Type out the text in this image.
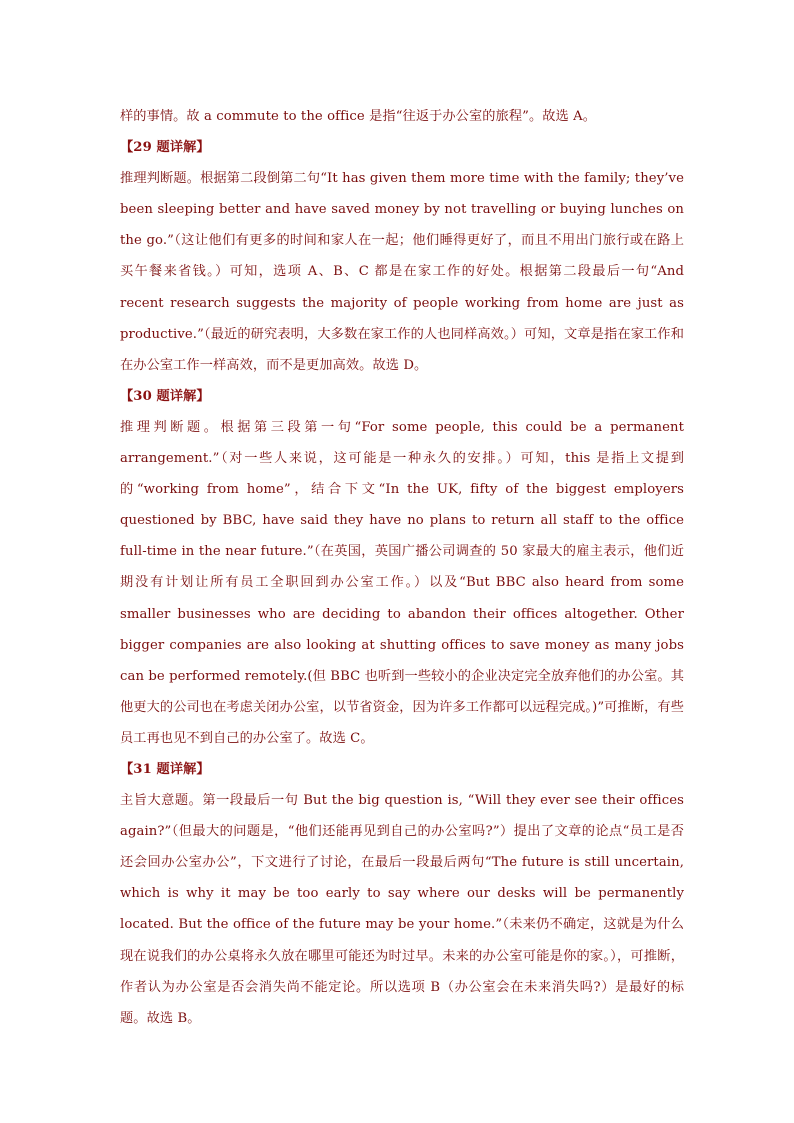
样的事情。故 a commute to the office 是指“往返于办公室的旅程”。故选 A。

【29 题详解】

推理判断题。根据第二段倒第二句“It has given them more time with the family; they’ve been sleeping better and have saved money by not travelling or buying lunches on the go.”（这让他们有更多的时间和家人在一起；他们睡得更好了，而且不用出门旅行或在路上买午餐来省钱。）可知，选项 A、B、C 都是在家工作的好处。根据第二段最后一句“And recent research suggests the majority of people working from home are just as productive.”（最近的研究表明，大多数在家工作的人也同样高效。）可知，文章是指在家工作和在办公室工作一样高效，而不是更加高效。故选 D。

【30 题详解】

推理判断题。根据第三段第一句“For some people, this could be a permanent arrangement.”（对一些人来说，这可能是一种永久的安排。）可知，this 是指上文提到的“working from home”，结合下文“In the UK, fifty of the biggest employers questioned by BBC, have said they have no plans to return all staff to the office full-time in the near future.”（在英国，英国广播公司调查的 50 家最大的雇主表示，他们近期没有计划让所有员工全职回到办公室工作。）以及“But BBC also heard from some smaller businesses who are deciding to abandon their offices altogether. Other bigger companies are also looking at shutting offices to save money as many jobs can be performed remotely.(但 BBC 也听到一些较小的企业决定完全放弃他们的办公室。其他更大的公司也在考虑关闭办公室，以节省资金，因为许多工作都可以远程完成。)”可推断，有些员工再也见不到自己的办公室了。故选 C。

【31 题详解】

主旨大意题。第一段最后一句 But the big question is, “Will they ever see their offices again?”（但最大的问题是，“他们还能再见到自己的办公室吗?”）提出了文章的论点“员工是否还会回办公室办公”，下文进行了讨论，在最后一段最后两句“The future is still uncertain, which is why it may be too early to say where our desks will be permanently located. But the office of the future may be your home.”（未来仍不确定，这就是为什么现在说我们的办公桌将永久放在哪里可能还为时过早。未来的办公室可能是你的家。），可推断，作者认为办公室是否会消失尚不能定论。所以选项 B（办公室会在未来消失吗?）是最好的标题。故选 B。
